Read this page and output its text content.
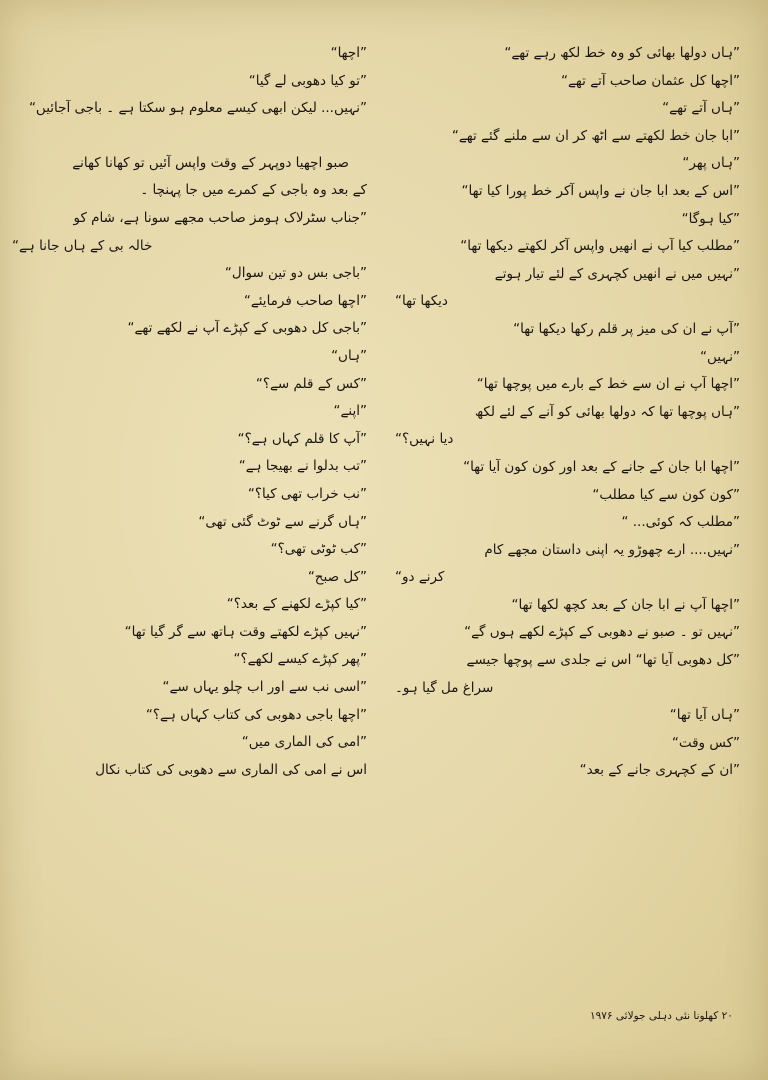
”ہاں دولھا بھائی کو وہ خط لکھ رہے تھے“
”اچھا کل عثمان صاحب آتے تھے“
”ہاں آتے تھے“
”ابا جان خط لکھتے سے اٹھ کر ان سے ملنے گئے تھے“
”ہاں پھر“
”اس کے بعد ابا جان نے واپس آکر خط پورا کیا تھا“
”کیا ہوگا“
”مطلب کیا آپ نے انھیں واپس آکر لکھتے دیکھا تھا“
”نہیں میں نے انھیں کچہری کے لئے تیار ہوتے
دیکھا تھا“
”آپ نے ان کی میز پر قلم رکھا دیکھا تھا“
”نہیں“
”اچھا آپ نے ان سے خط کے بارے میں پوچھا تھا“
”ہاں پوچھا تھا کہ دولھا بھائی کو آنے کے لئے لکھ
دیا نہیں؟“
”اچھا ابا جان کے جانے کے بعد اور کون کون آیا تھا“
”کون کون سے کیا مطلب“
”مطلب کہ کوئی... “
”نہیں.... ارے چھوڑو یہ اپنی داستان مجھے کام
کرنے دو“
”اچھا آپ نے ابا جان کے بعد کچھ لکھا تھا“
”نہیں تو ۔ صبو نے دھوبی کے کپڑے لکھے ہوں گے“
”کل دھوبی آیا تھا“ اس نے جلدی سے پوچھا جیسے
سراغ مل گیا ہو۔
”ہاں آیا تھا“
”کس وقت“
”ان کے کچہری جانے کے بعد“
”اچھا“
”تو کیا دھوبی لے گیا“
”نہیں... لیکن ابھی کیسے معلوم ہو سکتا ہے ۔ باجی آجائیں“
صبو اچھیا دوپہر کے وقت واپس آئیں تو کھانا کھانے
کے بعد وہ باجی کے کمرے میں جا پہنچا ۔
”جناب سٹرلاک ہومز صاحب مجھے سونا ہے، شام کو
خالہ بی کے ہاں جانا ہے“
”باجی بس دو تین سوال“
”اچھا صاحب فرمایئے“
”باجی کل دھوبی کے کپڑے آپ نے لکھے تھے“
”ہاں“
”کس کے قلم سے؟“
”اپنے“
”آپ کا قلم کہاں ہے؟“
”تب بدلوا نے بھیجا ہے“
”نب خراب تھی کیا؟“
”ہاں گرنے سے ٹوٹ گئی تھی“
”کب ٹوٹی تھی؟“
”کل صبح“
”کیا کپڑے لکھنے کے بعد؟“
”نہیں کپڑے لکھتے وقت ہاتھ سے گر گیا تھا“
”پھر کپڑے کیسے لکھے؟“
”اسی نب سے اور اب چلو یہاں سے“
”اچھا باجی دھوبی کی کتاب کہاں ہے؟“
”امی کی الماری میں“
اس نے امی کی الماری سے دھوبی کی کتاب نکال
۲۰ کھلونا نئی دہلی جولائی ۱۹۷۶
